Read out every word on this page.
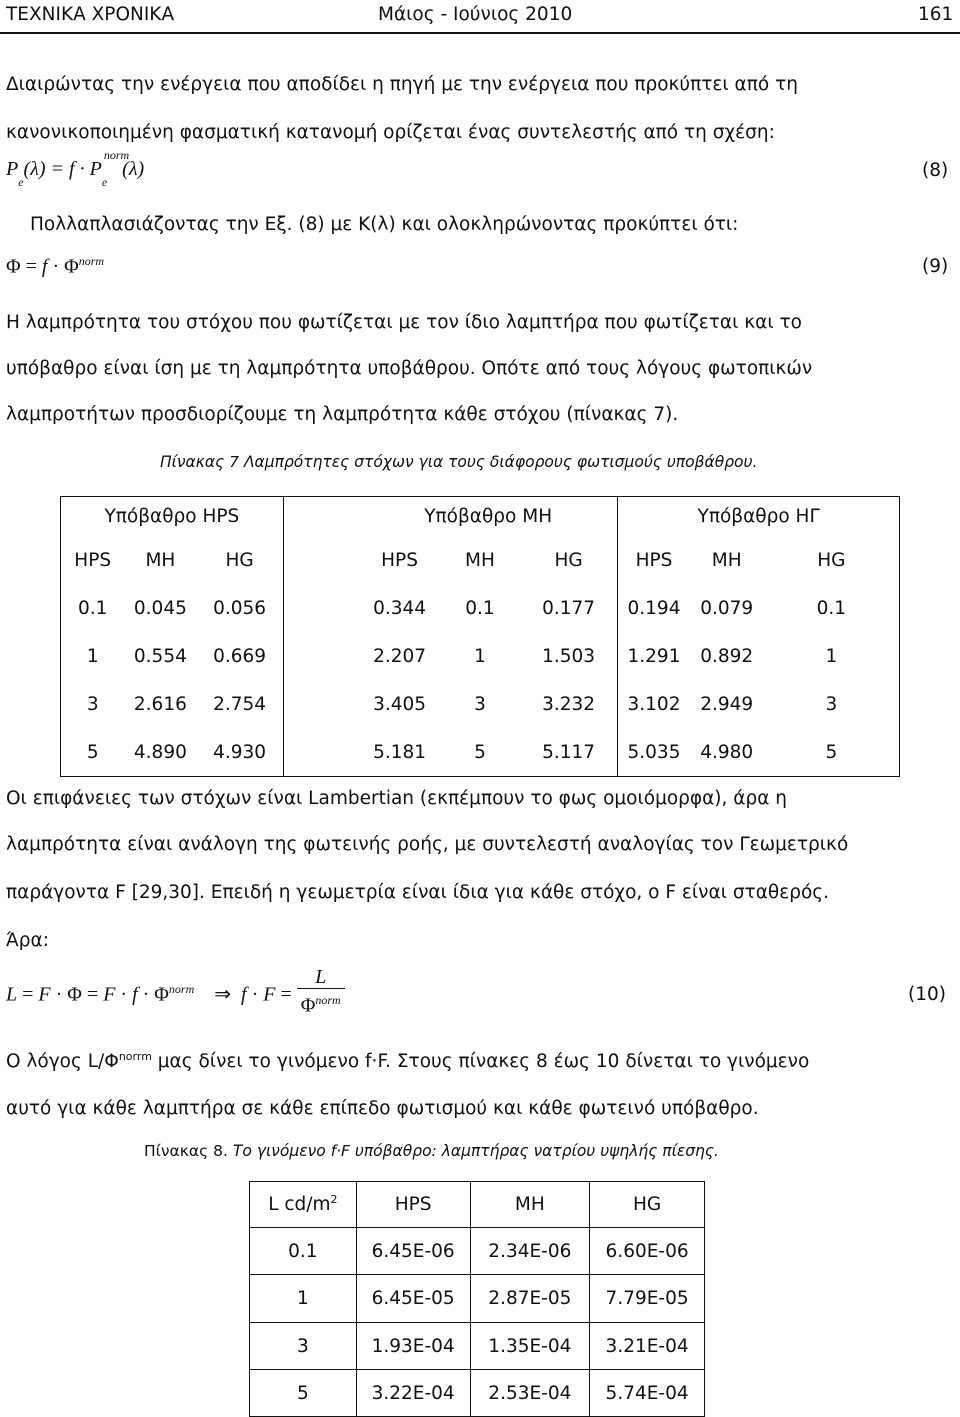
ΤΕΧΝΙΚΑ ΧΡΟΝΙΚΑ	Μάιος - Ιούνιος 2010	161
Διαιρώντας την ενέργεια που αποδίδει η πηγή με την ενέργεια που προκύπτει από τη
κανονικοποιημένη φασματική κατανομή ορίζεται ένας συντελεστής από τη σχέση:
$P_e(\lambda) = f \cdot P$
norm
$_e$   (λ)	(8)
Πολλαπλασιάζοντας την Εξ. (8) με Κ(λ) και ολοκληρώνοντας προκύπτει ότι:
$\Phi = f \cdot \Phi^{norm}$	(9)
Η λαμπρότητα του στόχου που φωτίζεται με τον ίδιο λαμπτήρα που φωτίζεται και το
υπόβαθρο είναι ίση με τη λαμπρότητα υποβάθρου. Οπότε από τους λόγους φωτοπικών
λαμπροτήτων προσδιορίζουμε τη λαμπρότητα κάθε στόχου (πίνακας 7).
Πίνακας 7 Λαμπρότητες στόχων για τους διάφορους φωτισμούς υποβάθρου.
Υπόβαθρο HPS				Υπόβαθρο ΜΗ			Υπόβαθρο ΗΓ		
HPS	MH	HG		HPS	MH	HG	HPS	MH	HG
0.1	0.045	0.056		0.344	0.1	0.177	0.194	0.079	0.1
1	0.554	0.669		2.207	1	1.503	1.291	0.892	1
3	2.616	2.754		3.405	3	3.232	3.102	2.949	3
5	4.890	4.930		5.181	5	5.117	5.035	4.980	5
Οι επιφάνειες των στόχων είναι Lambertian (εκπέμπουν το φως ομοιόμορφα), άρα η
λαμπρότητα είναι ανάλογη της φωτεινής ροής, με συντελεστή αναλογίας τον Γεωμετρικό
παράγοντα F [29,30]. Επειδή η γεωμετρία είναι ίδια για κάθε στόχο, ο F είναι σταθερός.
Άρα:
$L = F \cdot \Phi = F \cdot f \cdot \Phi^{norm}$    ⇒  $f \cdot F = \frac{L}{\Phi^{norm}}$	(10)
Ο λόγος $L/\Phi^{norrm}$ μας δίνει το γινόμενο f·F. Στους πίνακες 8 έως 10 δίνεται το γινόμενο
αυτό για κάθε λαμπτήρα σε κάθε επίπεδο φωτισμού και κάθε φωτεινό υπόβαθρο.
Πίνακας 8. Το γινόμενο f·F υπόβαθρο: λαμπτήρας νατρίου υψηλής πίεσης.
L $cd/m^2$	HPS	MH	HG
0.1	6.45E-06	2.34E-06	6.60E-06
1	6.45E-05	2.87E-05	7.79E-05
3	1.93E-04	1.35E-04	3.21E-04
5	3.22E-04	2.53E-04	5.74E-04
